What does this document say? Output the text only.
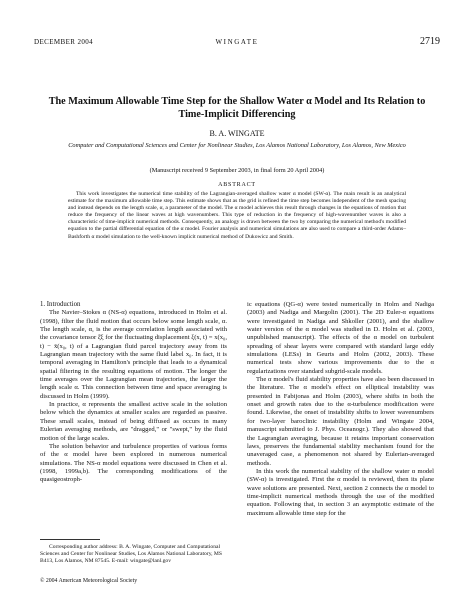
DECEMBER 2004	WINGATE	2719
The Maximum Allowable Time Step for the Shallow Water α Model and Its Relation to Time-Implicit Differencing
B. A. WINGATE
Computer and Computational Sciences and Center for Nonlinear Studies, Los Alamos National Laboratory, Los Alamos, New Mexico
(Manuscript received 9 September 2003, in final form 20 April 2004)
ABSTRACT
This work investigates the numerical time stability of the Lagrangian-averaged shallow water α model (SW-α). The main result is an analytical estimate for the maximum allowable time step. This estimate shows that as the grid is refined the time step becomes independent of the mesh spacing and instead depends on the length scale, α, a parameter of the model. The α model achieves this result through changes in the equations of motion that reduce the frequency of the linear waves at high wavenumbers. This type of reduction in the frequency of high-wavenumber waves is also a characteristic of time-implicit numerical methods. Consequently, an analogy is drawn between the two by comparing the numerical method's modified equation to the partial differential equation of the α model. Fourier analysis and numerical simulations are also used to compare a third-order Adams–Bashforth α model simulation to the well-known implicit numerical method of Dukowicz and Smith.

1. Introduction

The Navier–Stokes α (NS-α) equations, introduced in Holm et al. (1998), filter the fluid motion that occurs below some length scale, α. The length scale, α, is the average correlation length associated with the covariance tensor ξ̄ξ for the fluctuating displacement ξ(x, t) = x(x₀, t) − x̄(x₀, t) of a Lagrangian fluid parcel trajectory away from its Lagrangian mean trajectory with the same fluid label x₀. In fact, it is temporal averaging in Hamilton's principle that leads to a dynamical spatial filtering in the resulting equations of motion. The longer the time averages over the Lagrangian mean trajectories, the larger the length scale α. This connection between time and space averaging is discussed in Holm (1999).

In practice, α represents the smallest active scale in the solution below which the dynamics at smaller scales are regarded as passive. These small scales, instead of being diffused as occurs in many Eulerian averaging methods, are "dragged," or "swept," by the fluid motion of the large scales.

The solution behavior and turbulence properties of various forms of the α model have been explored in numerous numerical simulations. The NS-α model equations were discussed in Chen et al. (1998, 1999a,b). The corresponding modifications of the quasigeostroph-

ic equations (QG-α) were tested numerically in Holm and Nadiga (2003) and Nadiga and Margolin (2001). The 2D Euler-α equations were investigated in Nadiga and Shkoller (2001), and the shallow water version of the α model was studied in D. Holm et al. (2003, unpublished manuscript). The effects of the α model on turbulent spreading of shear layers were compared with standard large eddy simulations (LESs) in Geurts and Holm (2002, 2003). These numerical tests show various improvements due to the α regularizations over standard subgrid-scale models.

The α model's fluid stability properties have also been discussed in the literature. The α model's effect on elliptical instability was presented in Fabijonas and Holm (2003), where shifts in both the onset and growth rates due to the α-turbulence modification were found. Likewise, the onset of instability shifts to lower wavenumbers for two-layer baroclinic instability (Holm and Wingate 2004, manuscript submitted to J. Phys. Oceanogr.). They also showed that the Lagrangian averaging, because it retains important conservation laws, preserves the fundamental stability mechanism found for the unaveraged case, a phenomenon not shared by Eulerian-averaged methods.

In this work the numerical stability of the shallow water α model (SW-α) is investigated. First the α model is reviewed, then its plane wave solutions are presented. Next, section 2 connects the α model to time-implicit numerical methods through the use of the modified equation. Following that, in section 3 an asymptotic estimate of the maximum allowable time step for the

Corresponding author address: B. A. Wingate, Computer and Computational Sciences and Center for Nonlinear Studies, Los Alamos National Laboratory, MS B413, Los Alamos, NM 87545. E-mail: wingate@lanl.gov
© 2004 American Meteorological Society
